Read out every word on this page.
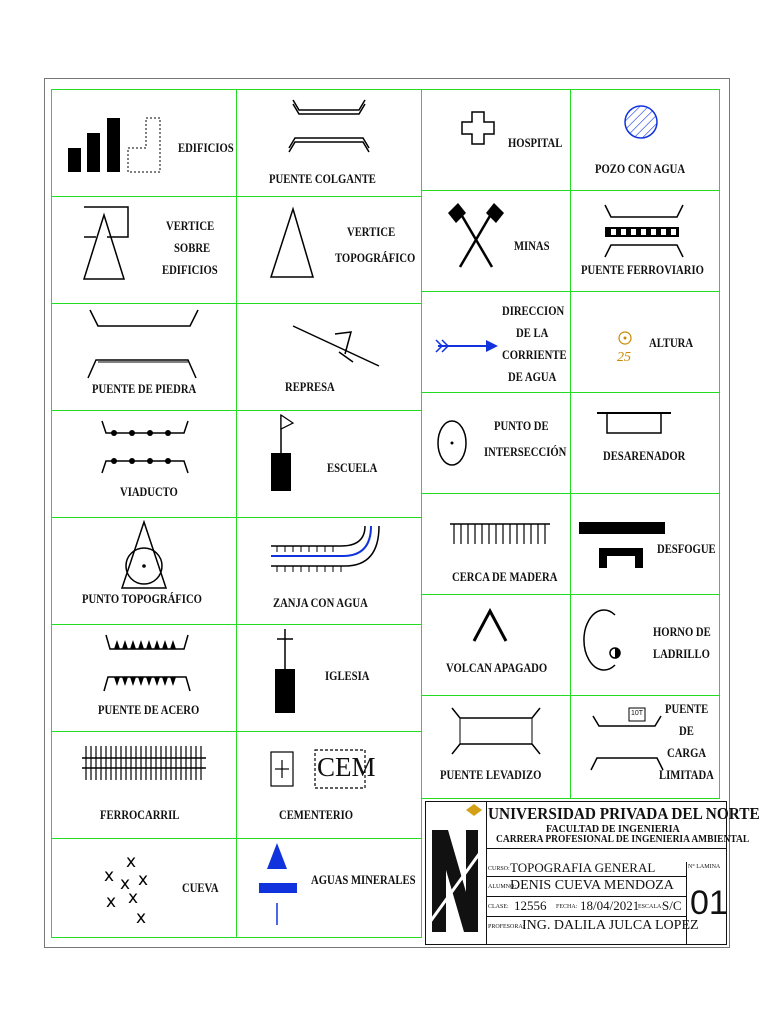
EDIFICIOS
PUENTE COLGANTE
VERTICE
SOBRE
EDIFICIOS
VERTICE
TOPOGRÁFICO
PUENTE DE PIEDRA	REPRESA
VIADUCTO
ESCUELA
PUNTO TOPOGRÁFICO	ZANJA CON AGUA
PUENTE DE ACERO
IGLESIA
FERROCARRIL
CEM
CEMENTERIO
x
x x x
x x
x
CUEVA
AGUAS MINERALES
HOSPITAL
POZO CON AGUA
MINAS
PUENTE FERROVIARIO
DIRECCION
DE LA
CORRIENTE
DE AGUA
25
ALTURA
PUNTO DE
INTERSECCIÓN	DESARENADOR
CERCA DE MADERA
DESFOGUE
VOLCAN APAGADO
HORNO DE
LADRILLO
PUENTE LEVADIZO
10T PUENTE
DE
CARGA
LIMITADA
UNIVERSIDAD PRIVADA DEL NORTE
FACULTAD DE INGENIERIA
CARRERA PROFESIONAL DE INGENIERIA AMBIENTAL
CURSO: TOPOGRAFIA GENERAL	N° LAMINA
ALUMNO:
DENIS CUEVA MENDOZA
CLASE: 12556 FECHA: 18/04/2021
ESCALA:
S/C
PROFESORA:
ING. DALILA JULCA LOPEZ
01
